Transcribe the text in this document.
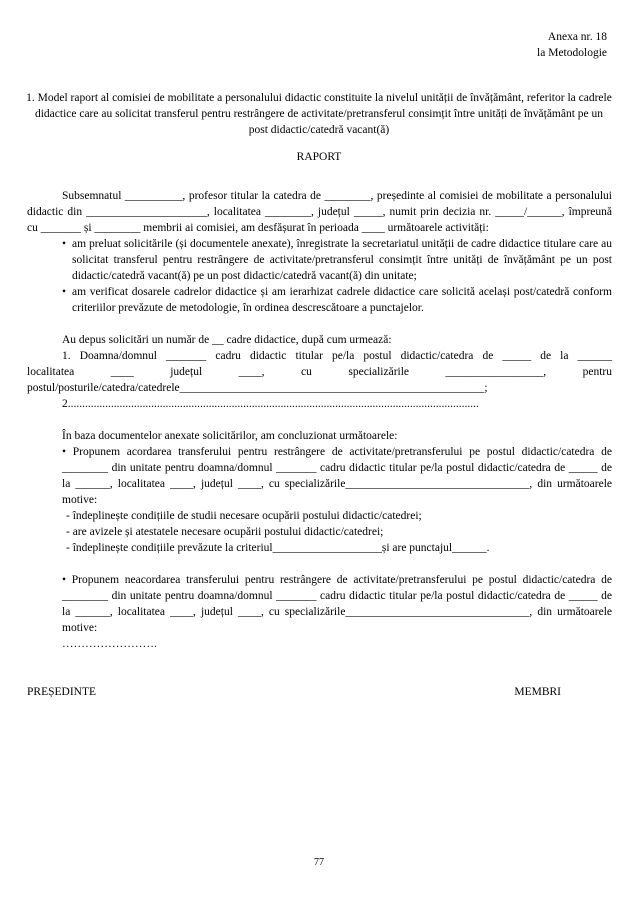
Anexa nr. 18
la Metodologie
1. Model raport al comisiei de mobilitate a personalului didactic constituite la nivelul unității de învățământ, referitor la cadrele didactice care au solicitat transferul pentru restrângere de activitate/pretransferul consimțit între unități de învățământ pe un post didactic/catedră vacant(ă)
RAPORT

Subsemnatul __________, profesor titular la catedra de ________, președinte al comisiei de mobilitate a personalului didactic din _____________________, localitatea ________, județul _____, numit prin decizia nr. _____/______, împreună cu _______ și ________ membrii ai comisiei, am desfășurat în perioada ____ următoarele activități:

• am preluat solicitările (și documentele anexate), înregistrate la secretariatul unității de cadre didactice titulare care au solicitat transferul pentru restrângere de activitate/pretransferul consimțit între unități de învățământ pe un post didactic/catedră vacant(ă) pe un post didactic/catedră vacant(ă) din unitate;
• am verificat dosarele cadrelor didactice și am ierarhizat cadrele didactice care solicită același post/catedră conform criteriilor prevăzute de metodologie, în ordinea descrescătoare a punctajelor.

Au depus solicitări un număr de __ cadre didactice, după cum urmează:

1. Doamna/domnul _______ cadru didactic titular pe/la postul didactic/catedra de _____ de la ______

localitatea ____ județul ____, cu specializările _________________, pentru

postul/posturile/catedra/catedrele_____________________________________________________;

2...............................................................................................................................................

În baza documentelor anexate solicitărilor, am concluzionat următoarele:

• Propunem acordarea transferului pentru restrângere de activitate/pretransferului pe postul didactic/catedra de ________ din unitate pentru doamna/domnul _______ cadru didactic titular pe/la postul didactic/catedra de _____ de la ______, localitatea ____, județul ____, cu specializările________________________________, din următoarele motive:

- îndeplinește condițiile de studii necesare ocupării postului didactic/catedrei;

- are avizele și atestatele necesare ocupării postului didactic/catedrei;

- îndeplinește condițiile prevăzute la criteriul___________________și are punctajul______.

• Propunem neacordarea transferului pentru restrângere de activitate/pretransferului pe postul didactic/catedra de ________ din unitate pentru doamna/domnul _______ cadru didactic titular pe/la postul didactic/catedra de _____ de la ______, localitatea ____, județul ____, cu specializările________________________________, din următoarele motive:

…………………….

PREȘEDINTE	MEMBRI
77
